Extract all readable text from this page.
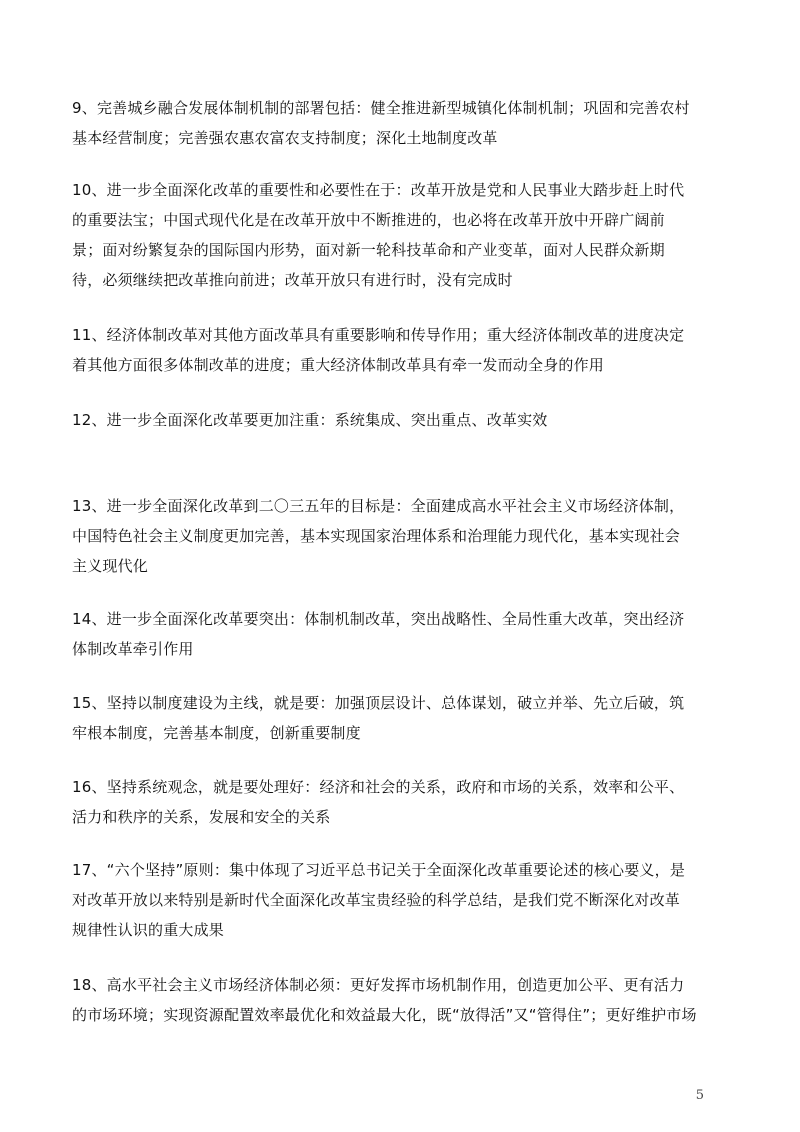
9、完善城乡融合发展体制机制的部署包括：健全推进新型城镇化体制机制；巩固和完善农村
基本经营制度；完善强农惠农富农支持制度；深化土地制度改革
10、进一步全面深化改革的重要性和必要性在于：改革开放是党和人民事业大踏步赶上时代
的重要法宝；中国式现代化是在改革开放中不断推进的，也必将在改革开放中开辟广阔前
景；面对纷繁复杂的国际国内形势，面对新一轮科技革命和产业变革，面对人民群众新期
待，必须继续把改革推向前进；改革开放只有进行时，没有完成时
11、经济体制改革对其他方面改革具有重要影响和传导作用；重大经济体制改革的进度决定
着其他方面很多体制改革的进度；重大经济体制改革具有牵一发而动全身的作用
12、进一步全面深化改革要更加注重：系统集成、突出重点、改革实效
13、进一步全面深化改革到二〇三五年的目标是：全面建成高水平社会主义市场经济体制，
中国特色社会主义制度更加完善，基本实现国家治理体系和治理能力现代化，基本实现社会
主义现代化
14、进一步全面深化改革要突出：体制机制改革，突出战略性、全局性重大改革，突出经济
体制改革牵引作用
15、坚持以制度建设为主线，就是要：加强顶层设计、总体谋划，破立并举、先立后破，筑
牢根本制度，完善基本制度，创新重要制度
16、坚持系统观念，就是要处理好：经济和社会的关系，政府和市场的关系，效率和公平、
活力和秩序的关系，发展和安全的关系
17、“六个坚持”原则：集中体现了习近平总书记关于全面深化改革重要论述的核心要义，是
对改革开放以来特别是新时代全面深化改革宝贵经验的科学总结，是我们党不断深化对改革
规律性认识的重大成果
18、高水平社会主义市场经济体制必须：更好发挥市场机制作用，创造更加公平、更有活力
的市场环境；实现资源配置效率最优化和效益最大化，既“放得活”又“管得住”；更好维护市场
5
